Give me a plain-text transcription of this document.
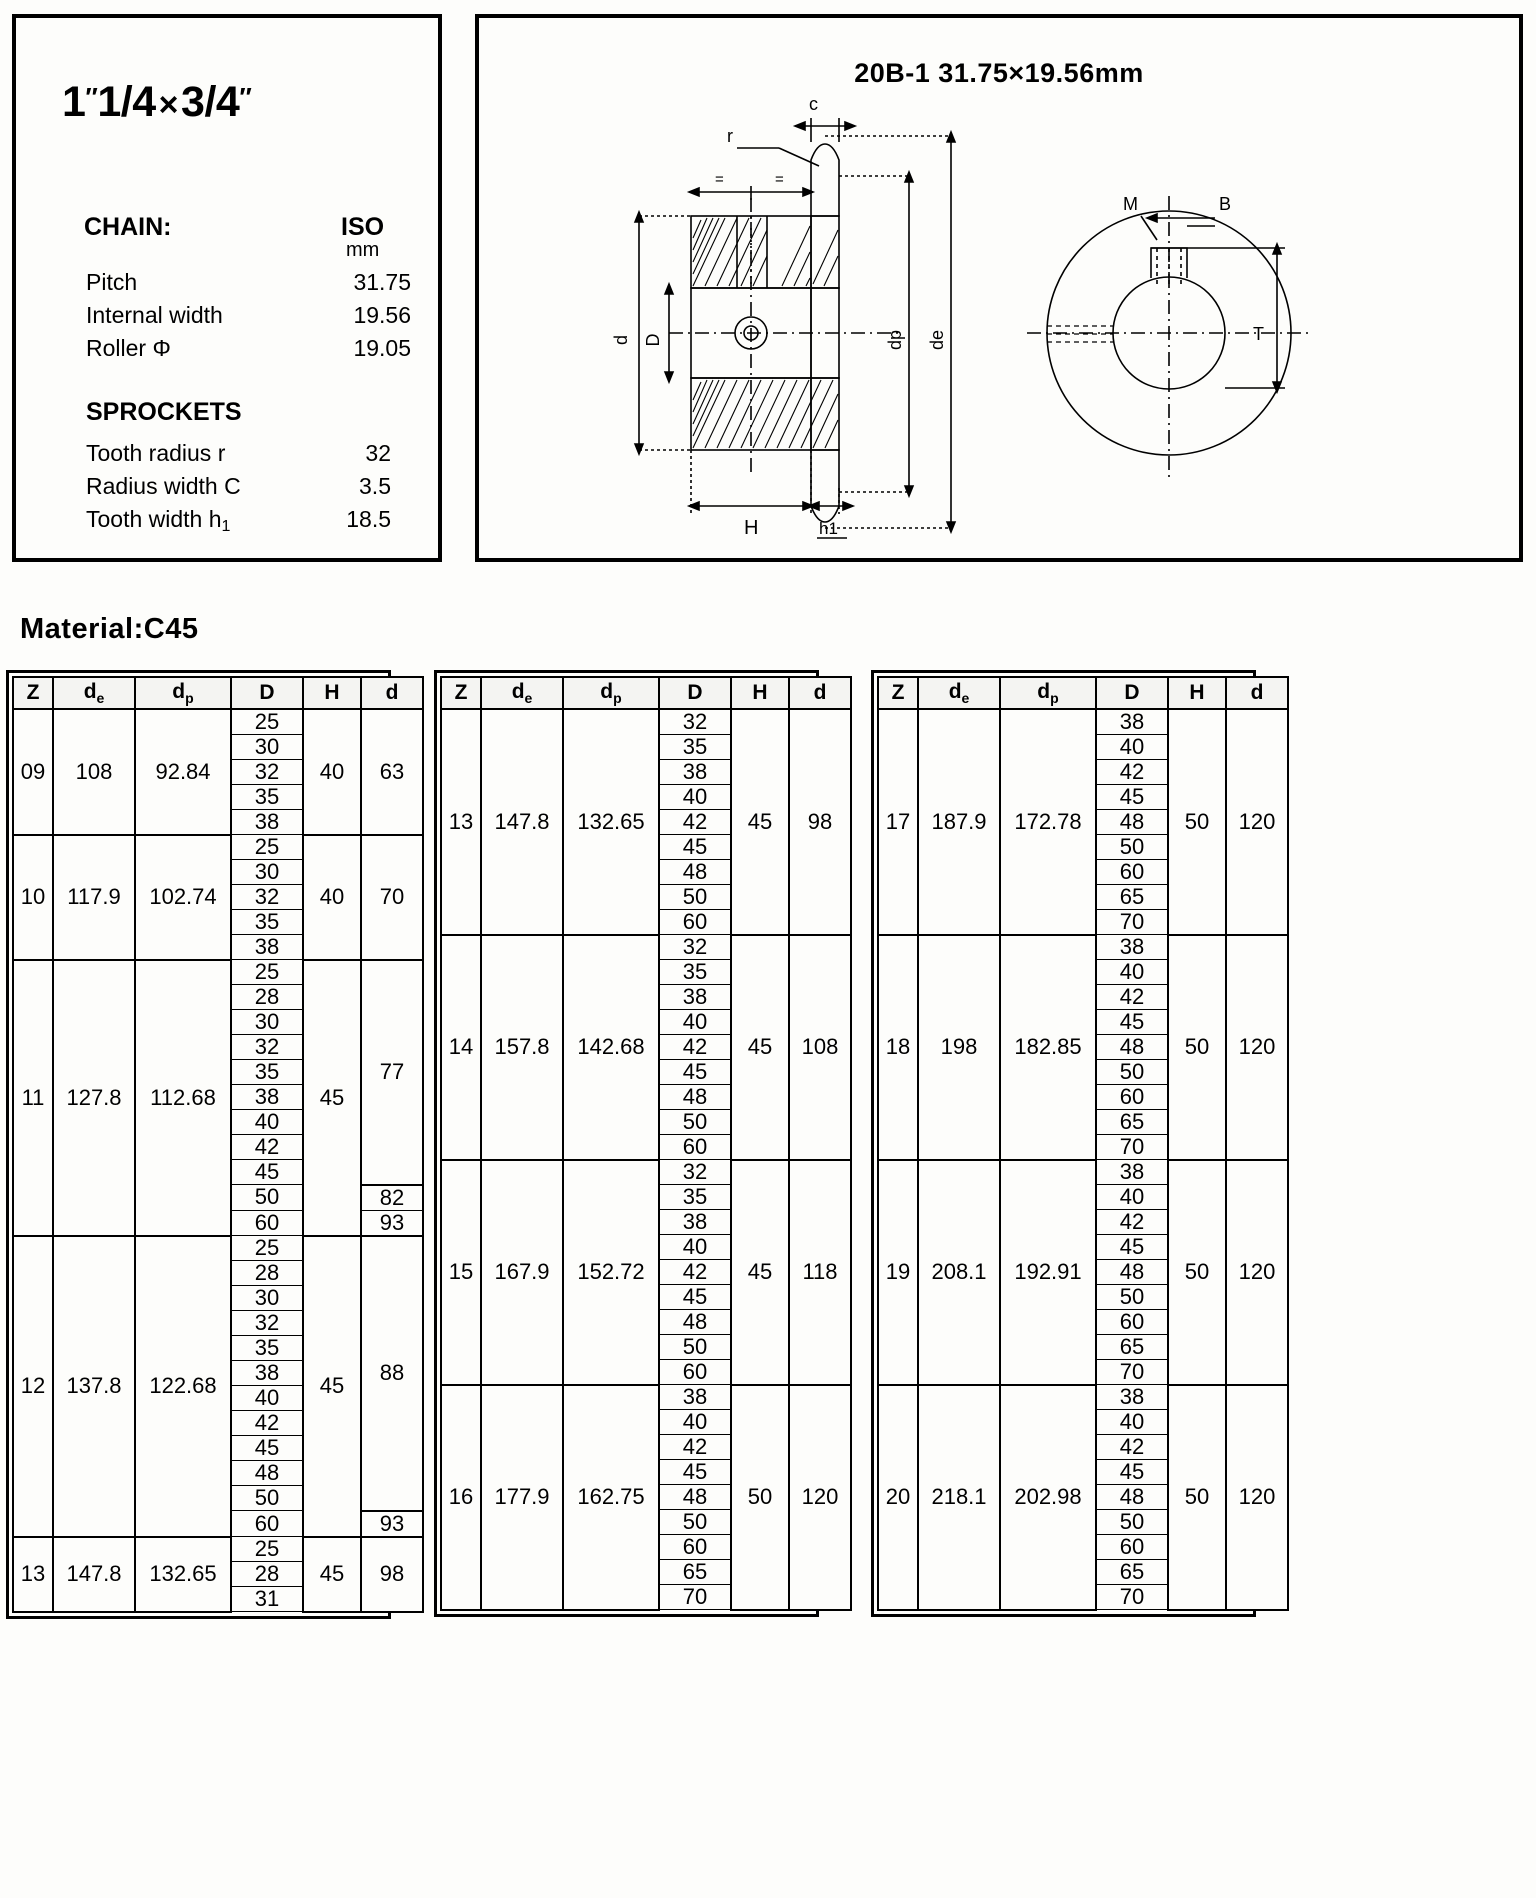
1″1/4×3/4″
CHAIN:	ISO
mm
Pitch	31.75
Internal width	19.56
Roller Φ	19.05
SPROCKETS
Tooth radius r	32
Radius width C	3.5
Tooth width $h_1$	18.5
20B-1 31.75×19.56mm
c
r
=	=
d D	dp de
H	h1
M	B
T
Material:C45
Z	$d_e$	$d_p$	D	H	d
09	108	92.84	25	40	63
			30		
			32		
			35		
			38		
10	117.9	102.74	25	40	70
			30		
			32		
			35		
			38		
11	127.8	112.68	25	45	77
			28		
			30		
			32		
			35		
			38		
			40		
			42		
			45		
			50		82
			60		93
12	137.8	122.68	25	45	88
			28		
			30		
			32		
			35		
			38		
			40		
			42		
			45		
			48		
			50		
			60		93
13	147.8	132.65	25	45	98
			28		
			31		
Z	$d_e$	$d_p$	D	H	d
13	147.8	132.65	32	45	98
			35		
			38		
			40		
			42		
			45		
			48		
			50		
			60		
14	157.8	142.68	32	45	108
			35		
			38		
			40		
			42		
			45		
			48		
			50		
			60		
15	167.9	152.72	32	45	118
			35		
			38		
			40		
			42		
			45		
			48		
			50		
			60		
16	177.9	162.75	38	50	120
			40		
			42		
			45		
			48		
			50		
			60		
			65		
			70		
Z	$d_e$	$d_p$	D	H	d
17	187.9	172.78	38	50	120
			40		
			42		
			45		
			48		
			50		
			60		
			65		
			70		
18	198	182.85	38	50	120
			40		
			42		
			45		
			48		
			50		
			60		
			65		
			70		
19	208.1	192.91	38	50	120
			40		
			42		
			45		
			48		
			50		
			60		
			65		
			70		
20	218.1	202.98	38	50	120
			40		
			42		
			45		
			48		
			50		
			60		
			65		
			70		
